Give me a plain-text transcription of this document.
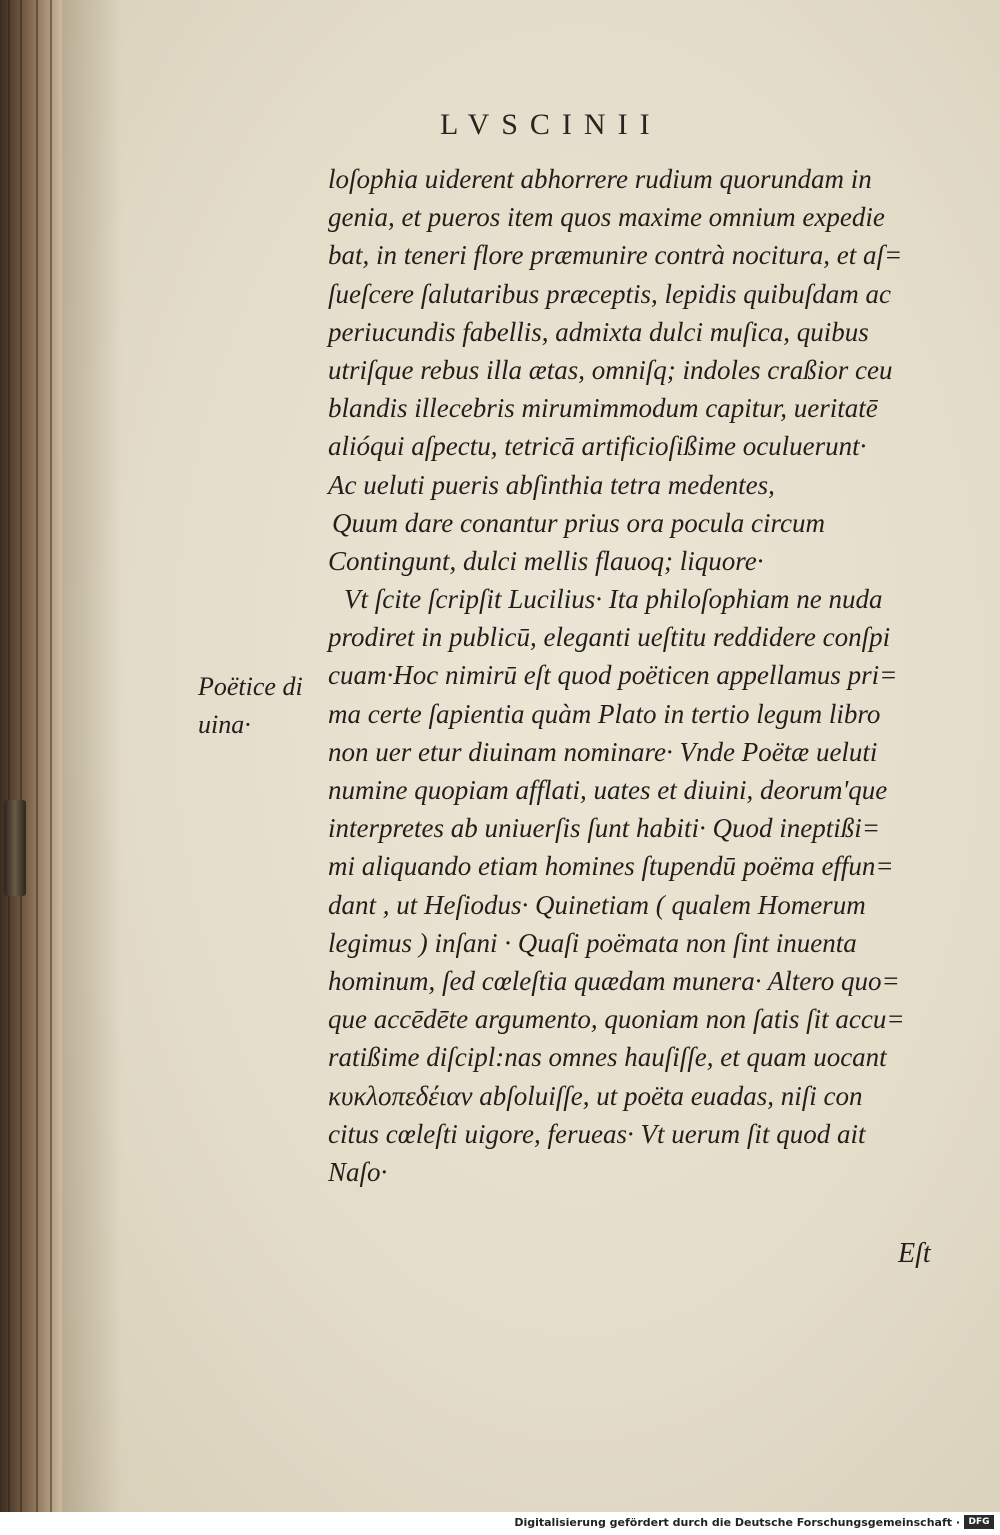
LVSCINII
loſophia uiderent abhorrere rudium quorundam in
genia, et pueros item quos maxime omnium expedie
bat, in teneri flore præmunire contrà nocitura, et aſ=
ſueſcere ſalutaribus præceptis, lepidis quibuſdam ac
periucundis fabellis, admixta dulci muſica, quibus
utriſque rebus illa ætas, omniſq; indoles craßior ceu
blandis illecebris mirumimmodum capitur, ueritatē
alióqui aſpectu, tetricā artificioſißime oculuerunt·
Ac ueluti pueris abſinthia tetra medentes,
Quum dare conantur prius ora pocula circum
Contingunt, dulci mellis flauoq; liquore·
Vt ſcite ſcripſit Lucilius· Ita philoſophiam ne nuda
prodiret in publicū, eleganti ueſtitu reddidere conſpi
cuam·Hoc nimirū eſt quod poëticen appellamus pri=
ma certe ſapientia quàm Plato in tertio legum libro
non uer etur diuinam nominare· Vnde Poëtæ ueluti
numine quopiam afflati, uates et diuini, deorum'que
interpretes ab uniuerſis ſunt habiti· Quod ineptißi=
mi aliquando etiam homines ſtupendū poëma effun=
dant , ut Heſiodus· Quinetiam ( qualem Homerum
legimus ) inſani · Quaſi poëmata non ſint inuenta
hominum, ſed cœleſtia quædam munera· Altero quo=
que accēdēte argumento, quoniam non ſatis ſit accu=
ratißime diſcipl:nas omnes hauſiſſe, et quam uocant
κυκλοπεδέιαν abſoluiſſe, ut poëta euadas, niſi con
citus cœleſti uigore, ferueas· Vt uerum ſit quod ait
Naſo·
Poëtice di
uina·
Eſt
Digitalisierung gefördert durch die Deutsche Forschungsgemeinschaft · DFG
